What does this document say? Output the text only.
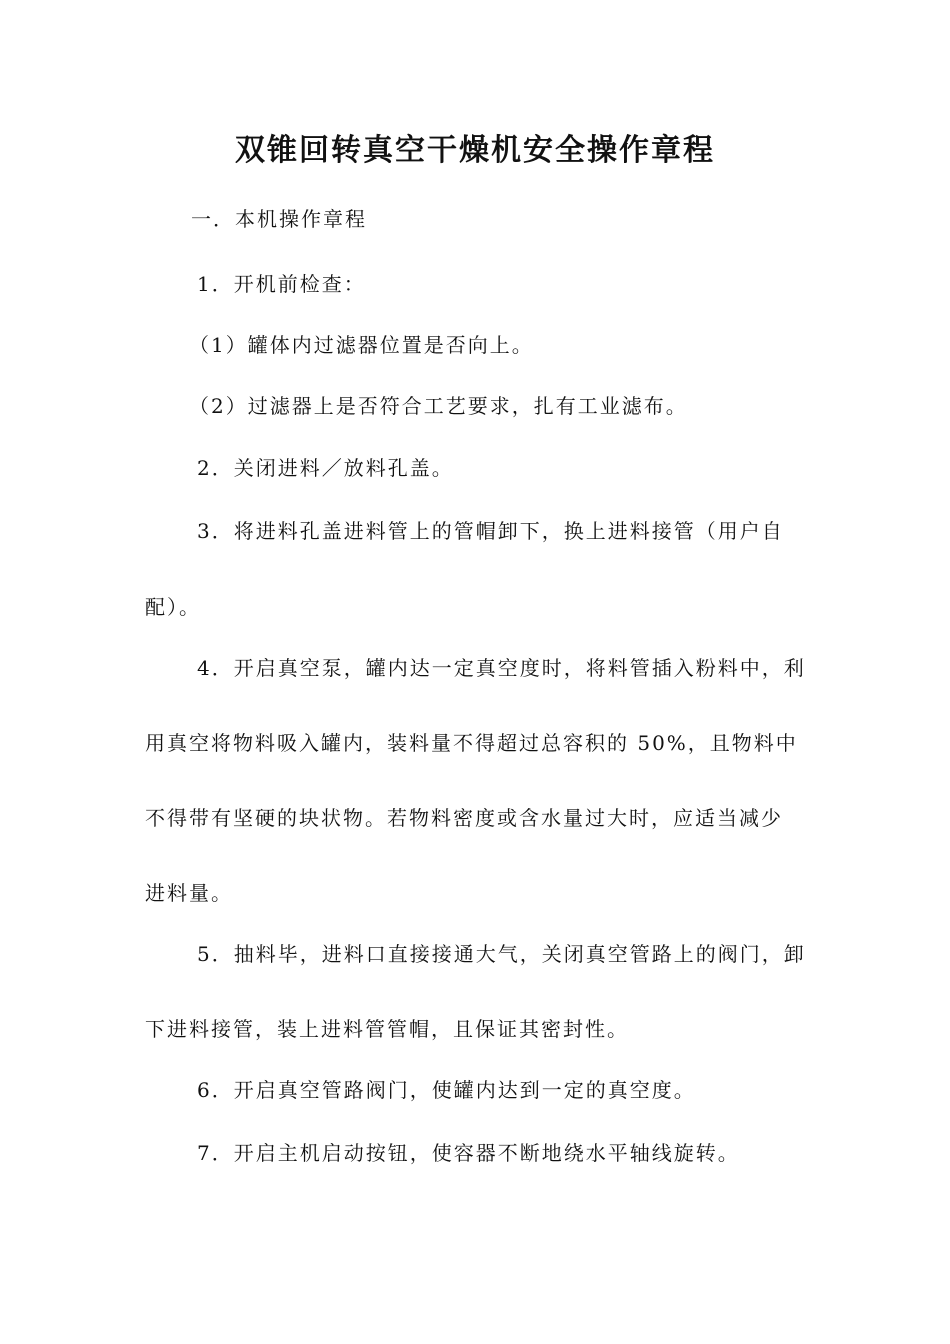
双锥回转真空干燥机安全操作章程
一．本机操作章程
1．开机前检查：
（1）罐体内过滤器位置是否向上。
（2）过滤器上是否符合工艺要求，扎有工业滤布。
2．关闭进料／放料孔盖。
3．将进料孔盖进料管上的管帽卸下，换上进料接管（用户自
配）。
4．开启真空泵，罐内达一定真空度时，将料管插入粉料中，利
用真空将物料吸入罐内，装料量不得超过总容积的 50%，且物料中
不得带有坚硬的块状物。若物料密度或含水量过大时，应适当减少
进料量。
5．抽料毕，进料口直接接通大气，关闭真空管路上的阀门，卸
下进料接管，装上进料管管帽，且保证其密封性。
6．开启真空管路阀门，使罐内达到一定的真空度。
7．开启主机启动按钮，使容器不断地绕水平轴线旋转。
